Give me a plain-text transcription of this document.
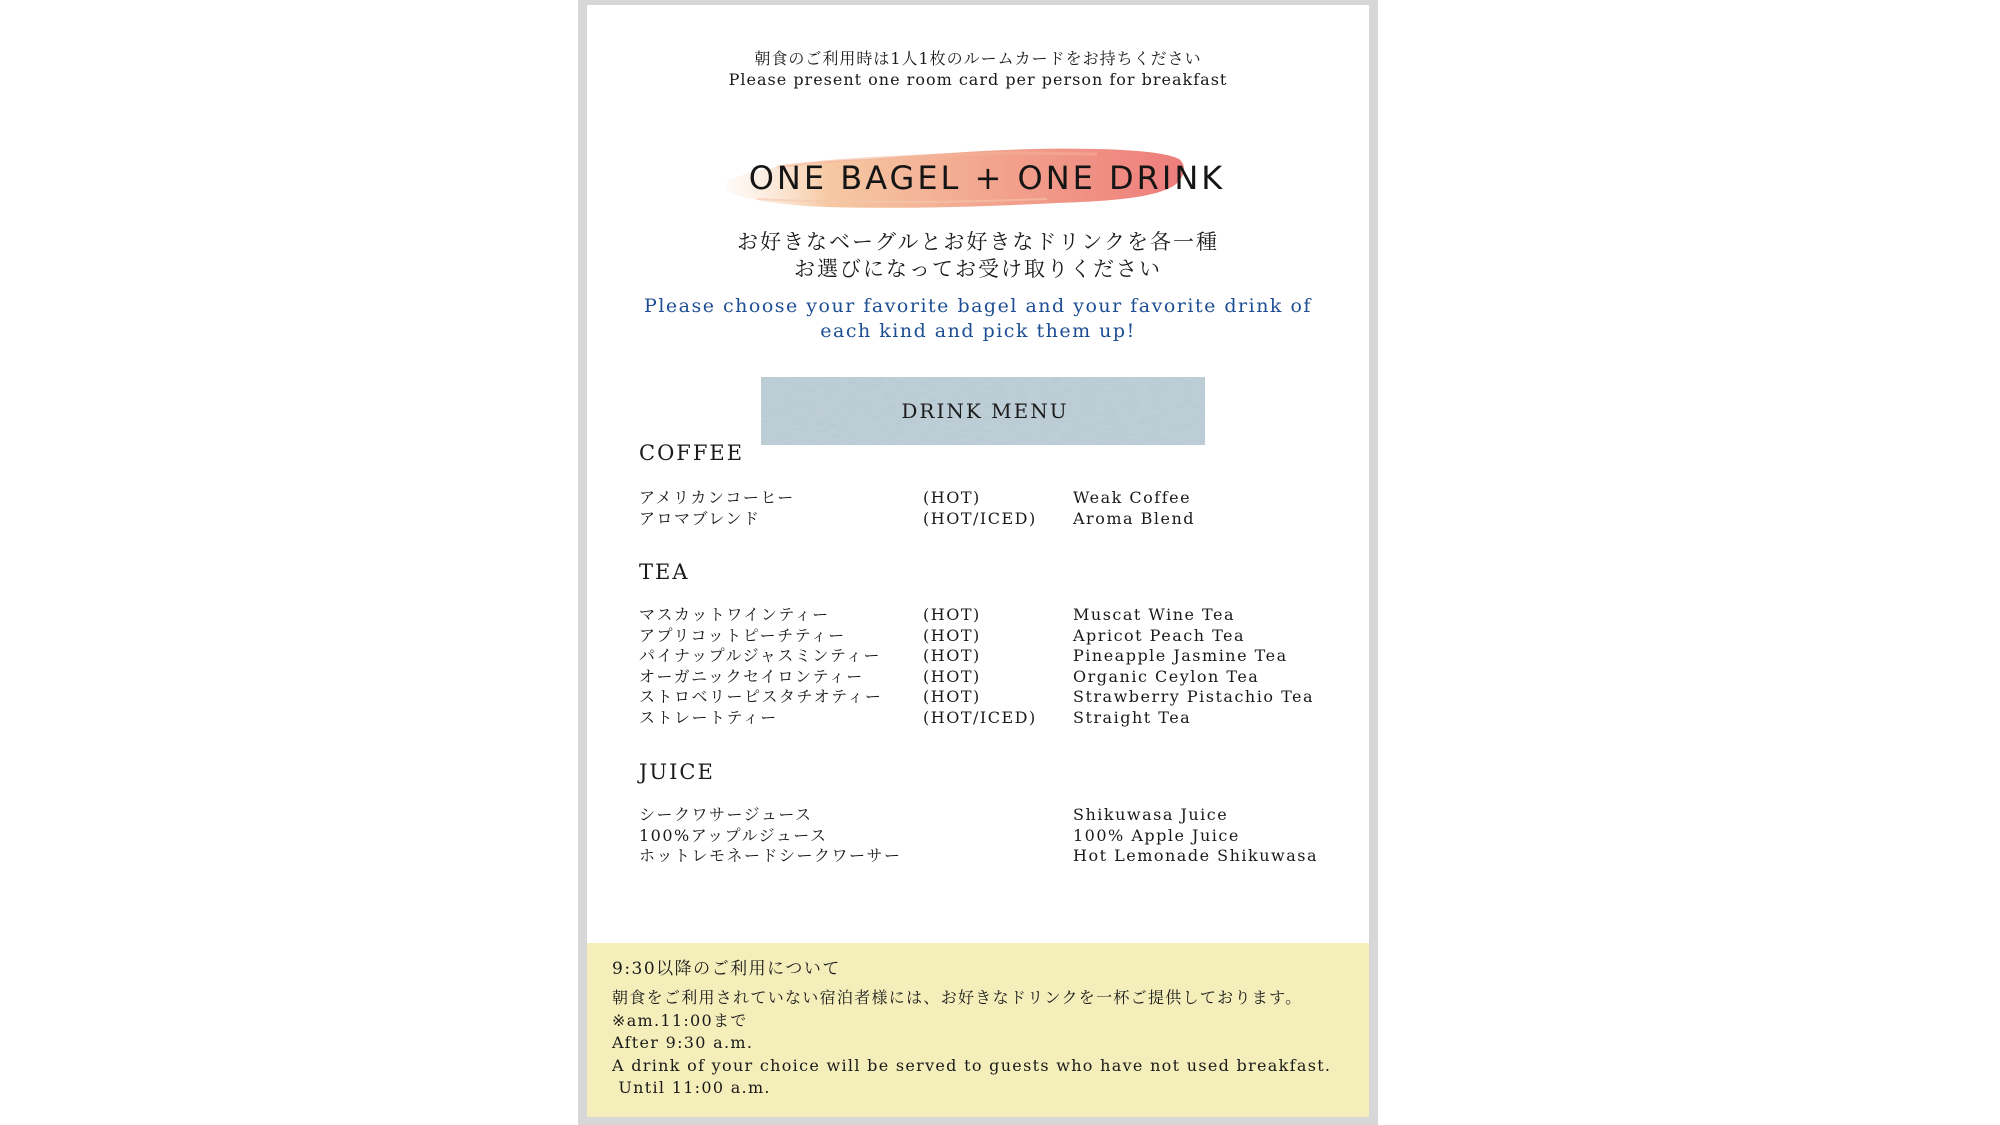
朝食のご利用時は1人1枚のルームカードをお持ちください
Please present one room card per person for breakfast
ONE BAGEL + ONE DRINK
お好きなベーグルとお好きなドリンクを各一種
お選びになってお受け取りください
Please choose your favorite bagel and your favorite drink of
each kind and pick them up!
DRINK MENU
COFFEE
アメリカンコーヒー	(HOT)	Weak Coffee
アロマブレンド	(HOT/ICED) Aroma Blend
TEA
マスカットワインティー	(HOT)	Muscat Wine Tea
アプリコットピーチティー	(HOT)	Apricot Peach Tea
パイナップルジャスミンティー	(HOT)	Pineapple Jasmine Tea
オーガニックセイロンティー	(HOT)	Organic Ceylon Tea
ストロベリーピスタチオティー	(HOT)	Strawberry Pistachio Tea
ストレートティー	(HOT/ICED) Straight Tea
JUICE
シークワサージュース	Shikuwasa Juice
100%アップルジュース	100% Apple Juice
ホットレモネードシークワーサー	Hot Lemonade Shikuwasa
9:30以降のご利用について
朝食をご利用されていない宿泊者様には、お好きなドリンクを一杯ご提供しております。
※am.11:00まで
After 9:30 a.m.
A drink of your choice will be served to guests who have not used breakfast.
Until 11:00 a.m.
